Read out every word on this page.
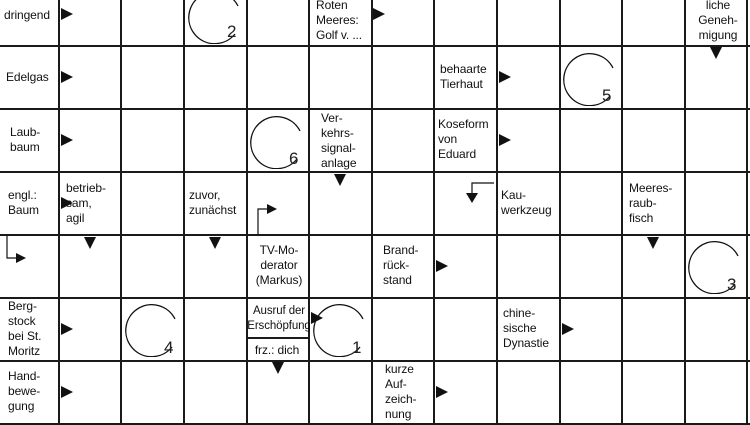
dringend
Roten
Meeres:
Golf v. ...
liche
Geneh-
migung
Edelgas
behaarte
Tierhaut
Laub-
baum
Ver-
kehrs-
signal-
anlage
Koseform
von
Eduard
engl.:
Baum
betrieb-
sam,
agil
zuvor,
zunächst
Kau-
werkzeug
Meeres-
raub-
fisch
TV-Mo-
derator
(Markus)
Brand-
rück-
stand
Berg-
stock
bei St.
Moritz
Ausruf der
Erschöpfung
frz.: dich
chine-
sische
Dynastie
Hand-
bewe-
gung
kurze
Auf-
zeich-
nung
2
5
6
3
4	1
